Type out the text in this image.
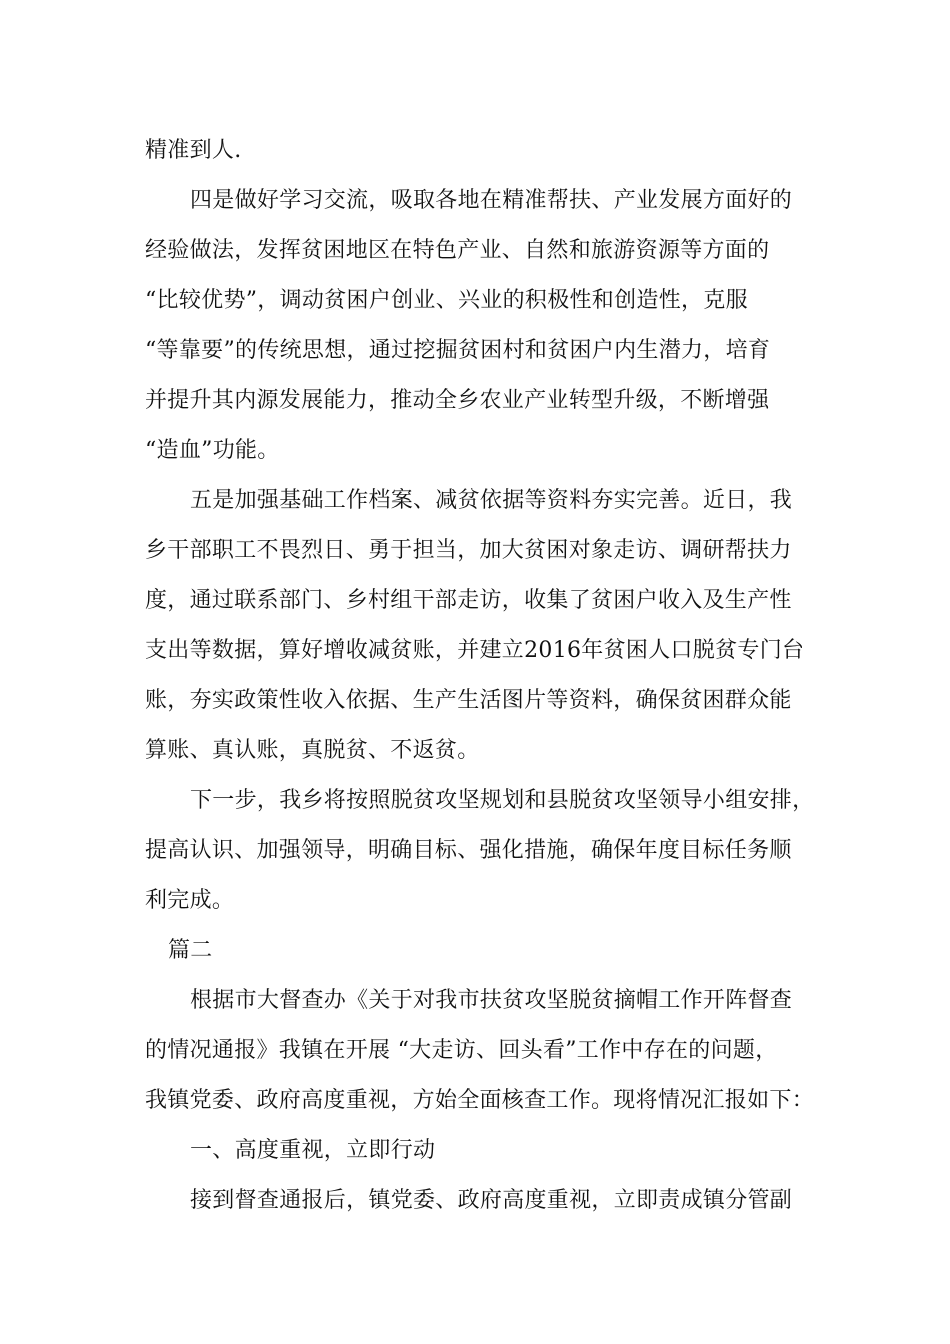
精准到人.
四是做好学习交流，吸取各地在精准帮扶、产业发展方面好的
经验做法，发挥贫困地区在特色产业、自然和旅游资源等方面的
“比较优势”，调动贫困户创业、兴业的积极性和创造性，克服
“等靠要”的传统思想，通过挖掘贫困村和贫困户内生潜力，培育
并提升其内源发展能力，推动全乡农业产业转型升级，不断增强
“造血”功能。
五是加强基础工作档案、减贫依据等资料夯实完善。近日，我
乡干部职工不畏烈日、勇于担当，加大贫困对象走访、调研帮扶力
度，通过联系部门、乡村组干部走访，收集了贫困户收入及生产性
支出等数据，算好增收减贫账，并建立2016年贫困人口脱贫专门台
账，夯实政策性收入依据、生产生活图片等资料，确保贫困群众能
算账、真认账，真脱贫、不返贫。
下一步，我乡将按照脱贫攻坚规划和县脱贫攻坚领导小组安排，
提高认识、加强领导，明确目标、强化措施，确保年度目标任务顺
利完成。
篇二
根据市大督查办《关于对我市扶贫攻坚脱贫摘帽工作开阵督查
的情况通报》我镇在开展 “大走访、回头看”工作中存在的问题，
我镇党委、政府高度重视，方始全面核查工作。现将情况汇报如下：
一、高度重视，立即行动
接到督查通报后，镇党委、政府高度重视，立即责成镇分管副
